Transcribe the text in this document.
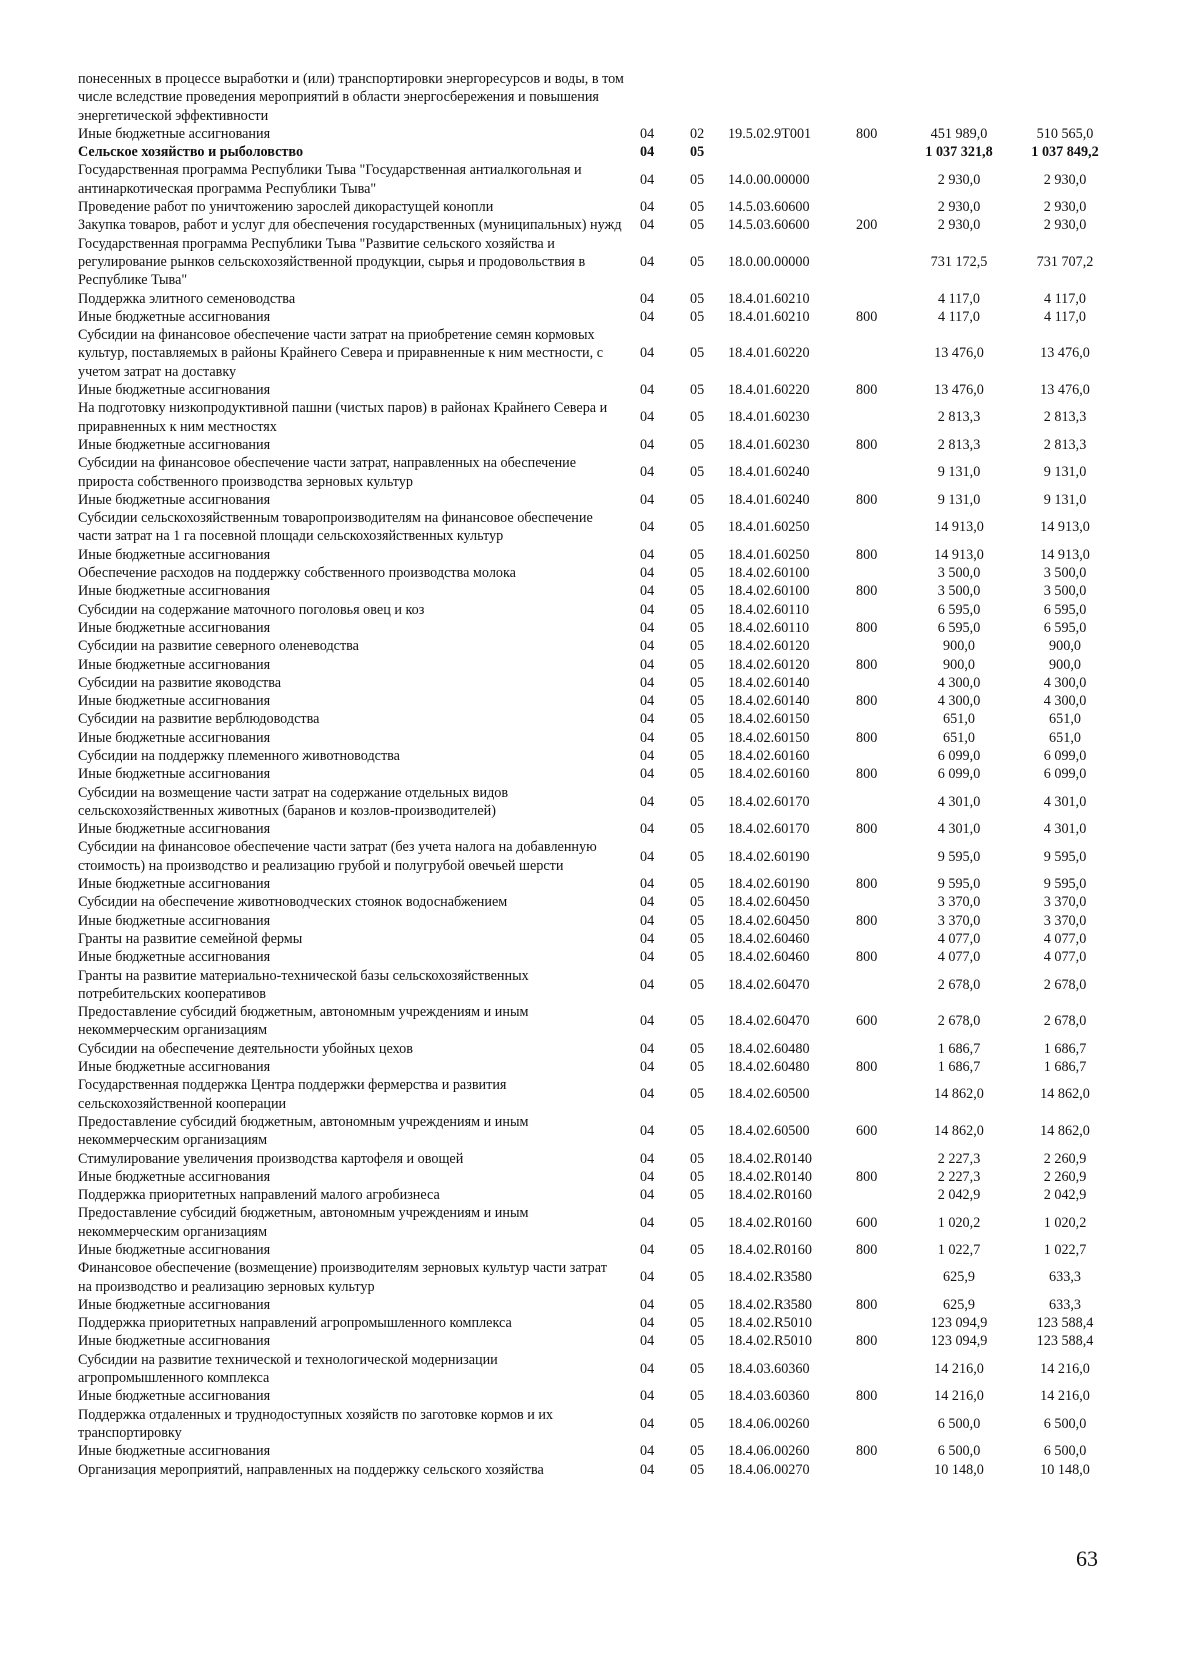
понесенных в процессе выработки и (или) транспортировки энергоресурсов и воды, в том числе вследствие проведения мероприятий в области энергосбережения и повышения энергетической эффективности						
Иные бюджетные ассигнования	04	02	19.5.02.9Т001	800	451 989,0	510 565,0
Сельское хозяйство и рыболовство	04	05			1 037 321,8	1 037 849,2
Государственная программа Республики Тыва "Государственная антиалкогольная и антинаркотическая программа Республики Тыва"	04	05	14.0.00.00000		2 930,0	2 930,0
Проведение работ по уничтожению зарослей дикорастущей конопли	04	05	14.5.03.60600		2 930,0	2 930,0
Закупка товаров, работ и услуг для обеспечения государственных (муниципальных) нужд	04	05	14.5.03.60600	200	2 930,0	2 930,0
Государственная программа Республики Тыва "Развитие сельского хозяйства и регулирование рынков сельскохозяйственной продукции, сырья и продовольствия в Республике Тыва"	04	05	18.0.00.00000		731 172,5	731 707,2
Поддержка элитного семеноводства	04	05	18.4.01.60210		4 117,0	4 117,0
Иные бюджетные ассигнования	04	05	18.4.01.60210	800	4 117,0	4 117,0
Субсидии на финансовое обеспечение части затрат на приобретение семян кормовых культур, поставляемых в районы Крайнего Севера и приравненные к ним местности, с учетом затрат на доставку	04	05	18.4.01.60220		13 476,0	13 476,0
Иные бюджетные ассигнования	04	05	18.4.01.60220	800	13 476,0	13 476,0
На подготовку низкопродуктивной пашни (чистых паров) в районах Крайнего Севера и приравненных к ним местностях	04	05	18.4.01.60230		2 813,3	2 813,3
Иные бюджетные ассигнования	04	05	18.4.01.60230	800	2 813,3	2 813,3
Субсидии на финансовое обеспечение части затрат, направленных на обеспечение прироста собственного производства зерновых культур	04	05	18.4.01.60240		9 131,0	9 131,0
Иные бюджетные ассигнования	04	05	18.4.01.60240	800	9 131,0	9 131,0
Субсидии сельскохозяйственным товаропроизводителям на финансовое обеспечение части затрат на 1 га посевной площади сельскохозяйственных культур	04	05	18.4.01.60250		14 913,0	14 913,0
Иные бюджетные ассигнования	04	05	18.4.01.60250	800	14 913,0	14 913,0
Обеспечение расходов на поддержку собственного производства молока	04	05	18.4.02.60100		3 500,0	3 500,0
Иные бюджетные ассигнования	04	05	18.4.02.60100	800	3 500,0	3 500,0
Субсидии на содержание маточного поголовья овец и коз	04	05	18.4.02.60110		6 595,0	6 595,0
Иные бюджетные ассигнования	04	05	18.4.02.60110	800	6 595,0	6 595,0
Субсидии на развитие северного оленеводства	04	05	18.4.02.60120		900,0	900,0
Иные бюджетные ассигнования	04	05	18.4.02.60120	800	900,0	900,0
Субсидии на развитие яководства	04	05	18.4.02.60140		4 300,0	4 300,0
Иные бюджетные ассигнования	04	05	18.4.02.60140	800	4 300,0	4 300,0
Субсидии на развитие верблюдоводства	04	05	18.4.02.60150		651,0	651,0
Иные бюджетные ассигнования	04	05	18.4.02.60150	800	651,0	651,0
Субсидии на поддержку племенного животноводства	04	05	18.4.02.60160		6 099,0	6 099,0
Иные бюджетные ассигнования	04	05	18.4.02.60160	800	6 099,0	6 099,0
Субсидии на возмещение части затрат на содержание отдельных видов сельскохозяйственных животных (баранов и козлов-производителей)	04	05	18.4.02.60170		4 301,0	4 301,0
Иные бюджетные ассигнования	04	05	18.4.02.60170	800	4 301,0	4 301,0
Субсидии на финансовое обеспечение части затрат (без учета налога на добавленную стоимость) на производство и реализацию грубой и полугрубой овечьей шерсти	04	05	18.4.02.60190		9 595,0	9 595,0
Иные бюджетные ассигнования	04	05	18.4.02.60190	800	9 595,0	9 595,0
Субсидии на обеспечение животноводческих стоянок водоснабжением	04	05	18.4.02.60450		3 370,0	3 370,0
Иные бюджетные ассигнования	04	05	18.4.02.60450	800	3 370,0	3 370,0
Гранты на развитие семейной фермы	04	05	18.4.02.60460		4 077,0	4 077,0
Иные бюджетные ассигнования	04	05	18.4.02.60460	800	4 077,0	4 077,0
Гранты на развитие материально-технической базы сельскохозяйственных потребительских кооперативов	04	05	18.4.02.60470		2 678,0	2 678,0
Предоставление субсидий бюджетным, автономным учреждениям и иным некоммерческим организациям	04	05	18.4.02.60470	600	2 678,0	2 678,0
Субсидии на обеспечение деятельности убойных цехов	04	05	18.4.02.60480		1 686,7	1 686,7
Иные бюджетные ассигнования	04	05	18.4.02.60480	800	1 686,7	1 686,7
Государственная поддержка Центра поддержки фермерства и развития сельскохозяйственной кооперации	04	05	18.4.02.60500		14 862,0	14 862,0
Предоставление субсидий бюджетным, автономным учреждениям и иным некоммерческим организациям	04	05	18.4.02.60500	600	14 862,0	14 862,0
Стимулирование увеличения производства картофеля и овощей	04	05	18.4.02.R0140		2 227,3	2 260,9
Иные бюджетные ассигнования	04	05	18.4.02.R0140	800	2 227,3	2 260,9
Поддержка приоритетных направлений малого агробизнеса	04	05	18.4.02.R0160		2 042,9	2 042,9
Предоставление субсидий бюджетным, автономным учреждениям и иным некоммерческим организациям	04	05	18.4.02.R0160	600	1 020,2	1 020,2
Иные бюджетные ассигнования	04	05	18.4.02.R0160	800	1 022,7	1 022,7
Финансовое обеспечение (возмещение) производителям зерновых культур части затрат на производство и реализацию зерновых культур	04	05	18.4.02.R3580		625,9	633,3
Иные бюджетные ассигнования	04	05	18.4.02.R3580	800	625,9	633,3
Поддержка приоритетных направлений агропромышленного комплекса	04	05	18.4.02.R5010		123 094,9	123 588,4
Иные бюджетные ассигнования	04	05	18.4.02.R5010	800	123 094,9	123 588,4
Субсидии на развитие технической и технологической модернизации агропромышленного комплекса	04	05	18.4.03.60360		14 216,0	14 216,0
Иные бюджетные ассигнования	04	05	18.4.03.60360	800	14 216,0	14 216,0
Поддержка отдаленных и труднодоступных хозяйств по заготовке кормов и их транспортировку	04	05	18.4.06.00260		6 500,0	6 500,0
Иные бюджетные ассигнования	04	05	18.4.06.00260	800	6 500,0	6 500,0
Организация мероприятий, направленных на поддержку сельского хозяйства	04	05	18.4.06.00270		10 148,0	10 148,0
63
